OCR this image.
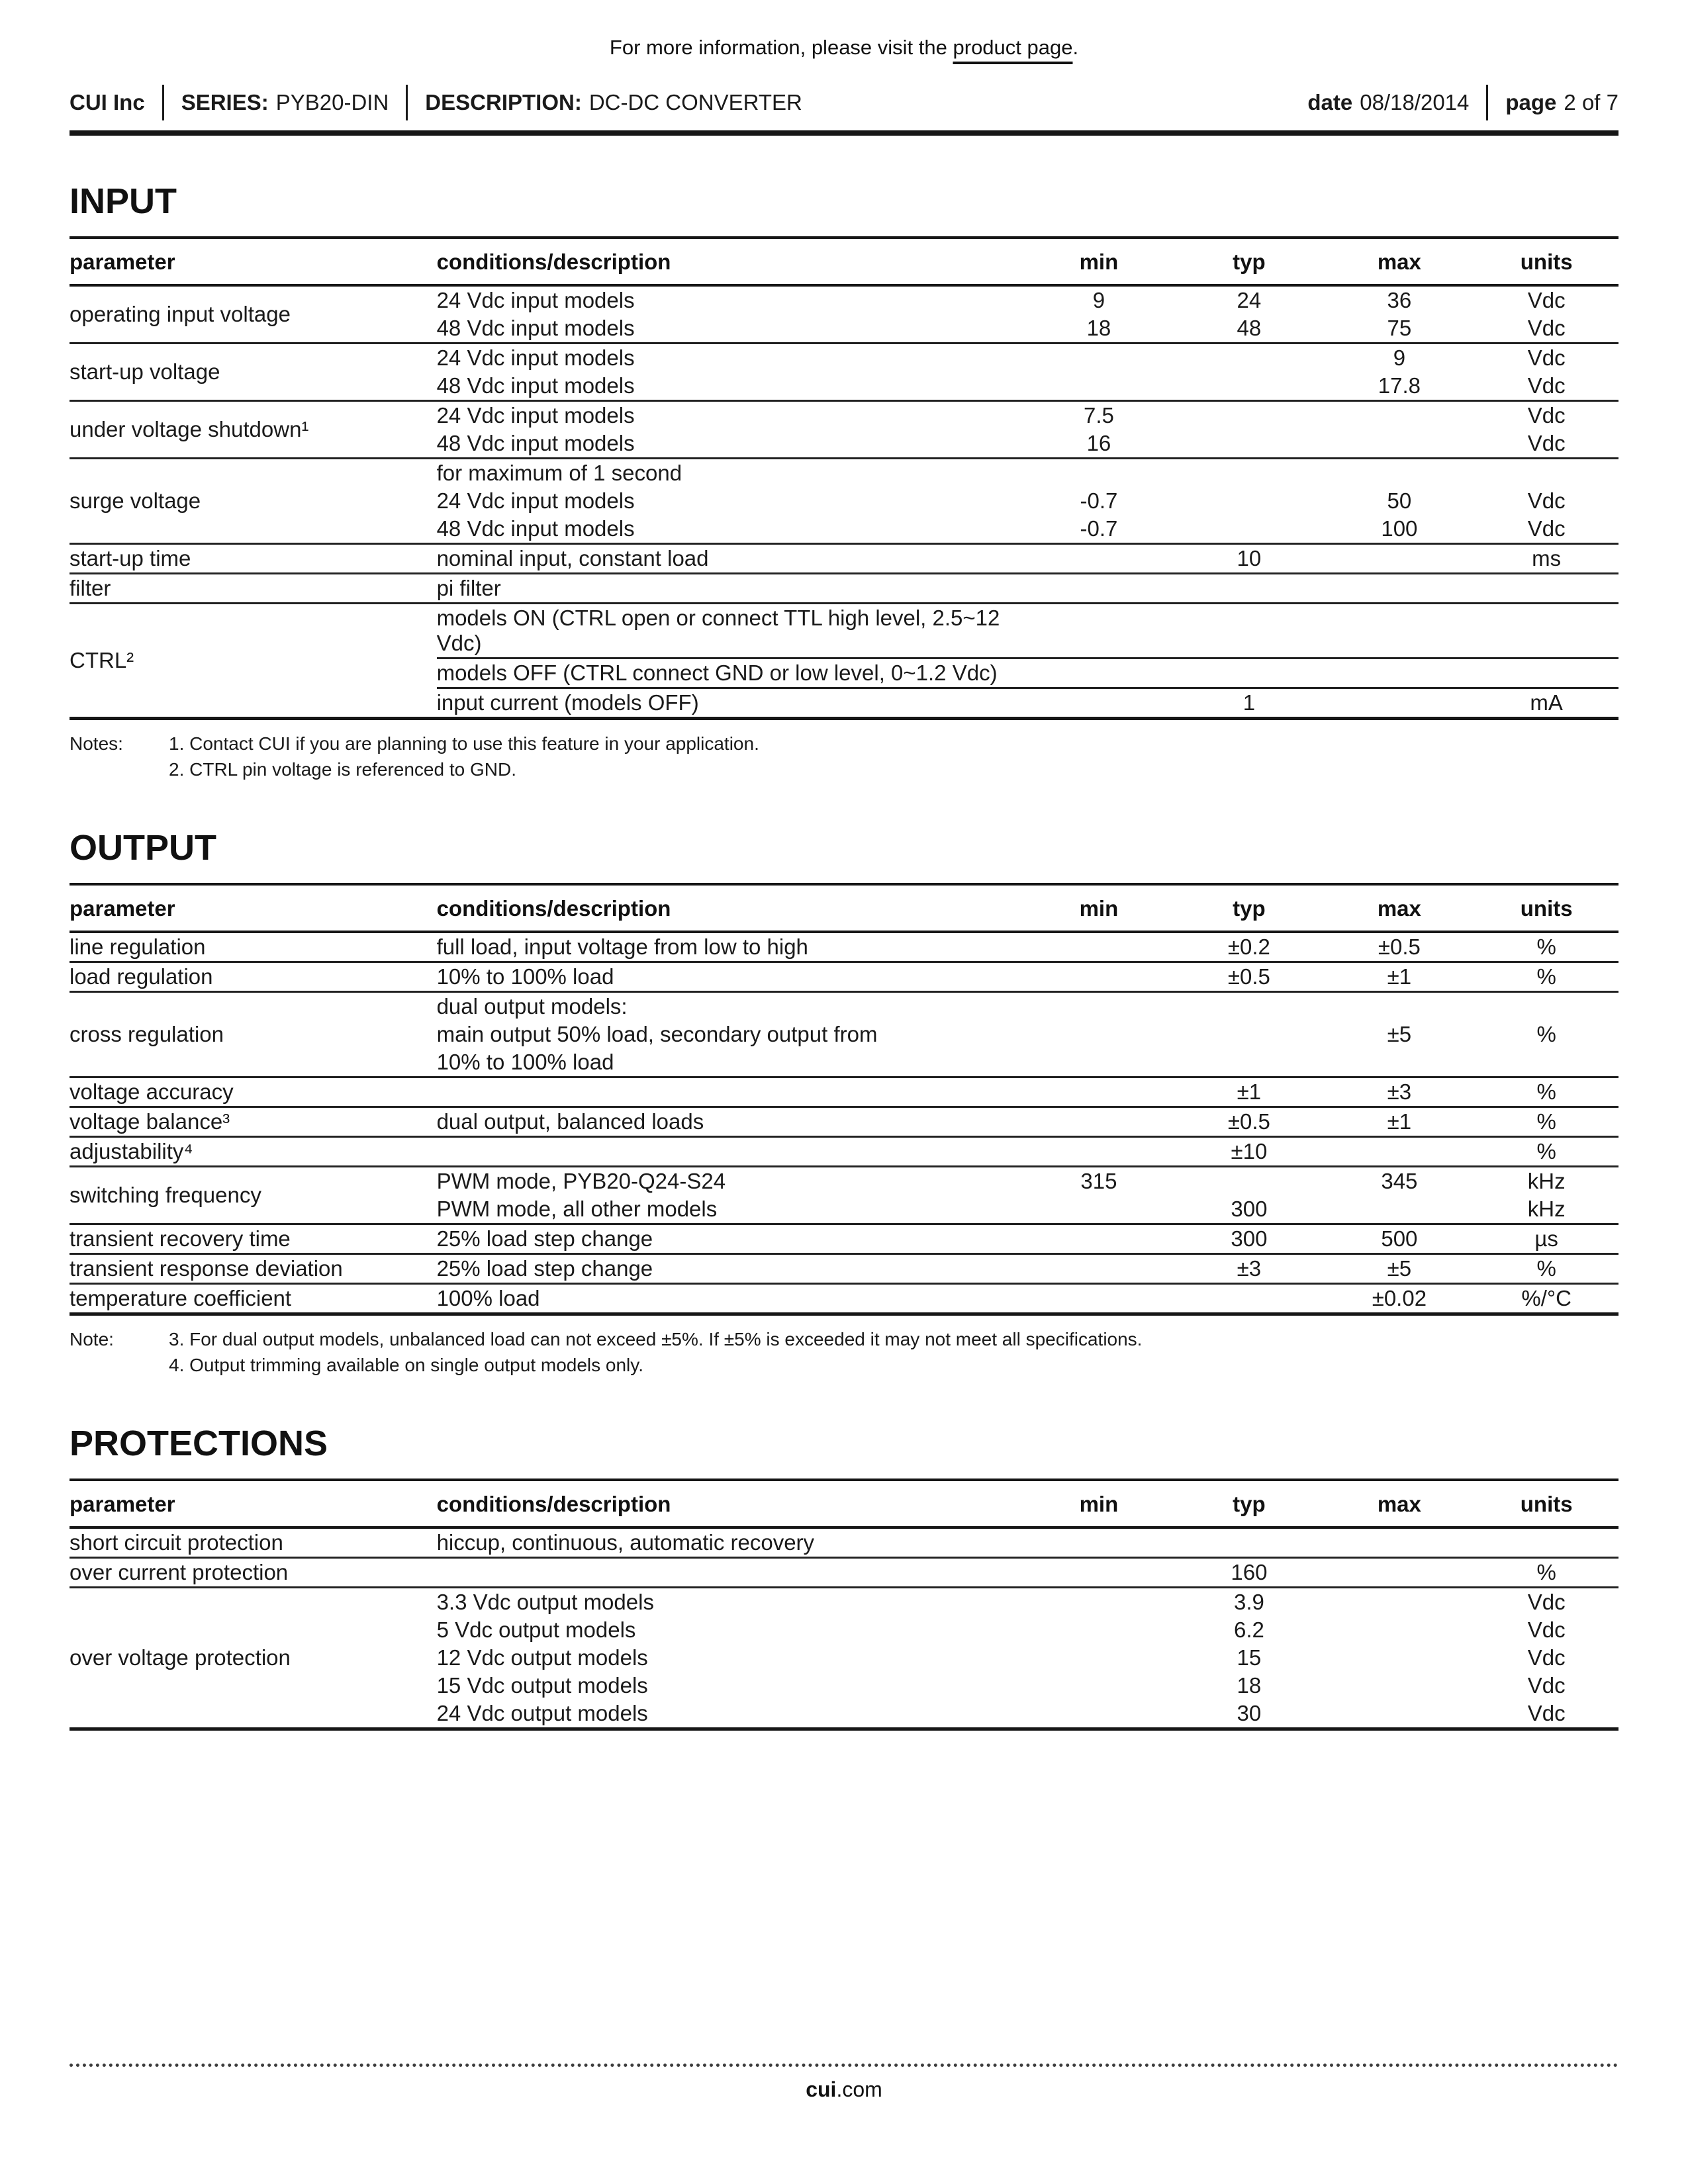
For more information, please visit the product page.
CUI Inc SERIES: PYB20-DIN DESCRIPTION: DC-DC CONVERTER	date 08/18/2014 page 2 of 7
INPUT
parameter	conditions/description	min	typ	max	units
operating input voltage	24 Vdc input models	9	24	36	Vdc
	48 Vdc input models	18	48	75	Vdc
start-up voltage	24 Vdc input models			9	Vdc
	48 Vdc input models			17.8	Vdc
under voltage shutdown¹	24 Vdc input models	7.5			Vdc
	48 Vdc input models	16			Vdc
surge voltage	for maximum of 1 second				
	24 Vdc input models	-0.7		50	Vdc
	48 Vdc input models	-0.7		100	Vdc
start-up time	nominal input, constant load		10		ms
filter	pi filter				
CTRL²	models ON (CTRL open or connect TTL high level, 2.5~12 Vdc)				
	models OFF (CTRL connect GND or low level, 0~1.2 Vdc)				
	input current (models OFF)		1		mA
Notes:	1. Contact CUI if you are planning to use this feature in your application.
2. CTRL pin voltage is referenced to GND.
OUTPUT
parameter	conditions/description	min	typ	max	units
line regulation	full load, input voltage from low to high		±0.2	±0.5	%
load regulation	10% to 100% load		±0.5	±1	%
cross regulation	dual output models:				
	main output 50% load, secondary output from			±5	%
	10% to 100% load				
voltage accuracy			±1	±3	%
voltage balance³	dual output, balanced loads		±0.5	±1	%
adjustability⁴			±10		%
switching frequency	PWM mode, PYB20-Q24-S24	315		345	kHz
	PWM mode, all other models		300		kHz
transient recovery time	25% load step change		300	500	µs
transient response deviation	25% load step change		±3	±5	%
temperature coefficient	100% load			±0.02	%/°C
Note:	3. For dual output models, unbalanced load can not exceed ±5%. If ±5% is exceeded it may not meet all specifications.
4. Output trimming available on single output models only.
PROTECTIONS
parameter	conditions/description	min	typ	max	units
short circuit protection	hiccup, continuous, automatic recovery				
over current protection			160		%
over voltage protection	3.3 Vdc output models		3.9		Vdc
	5 Vdc output models		6.2		Vdc
	12 Vdc output models		15		Vdc
	15 Vdc output models		18		Vdc
	24 Vdc output models		30		Vdc
cui.com
